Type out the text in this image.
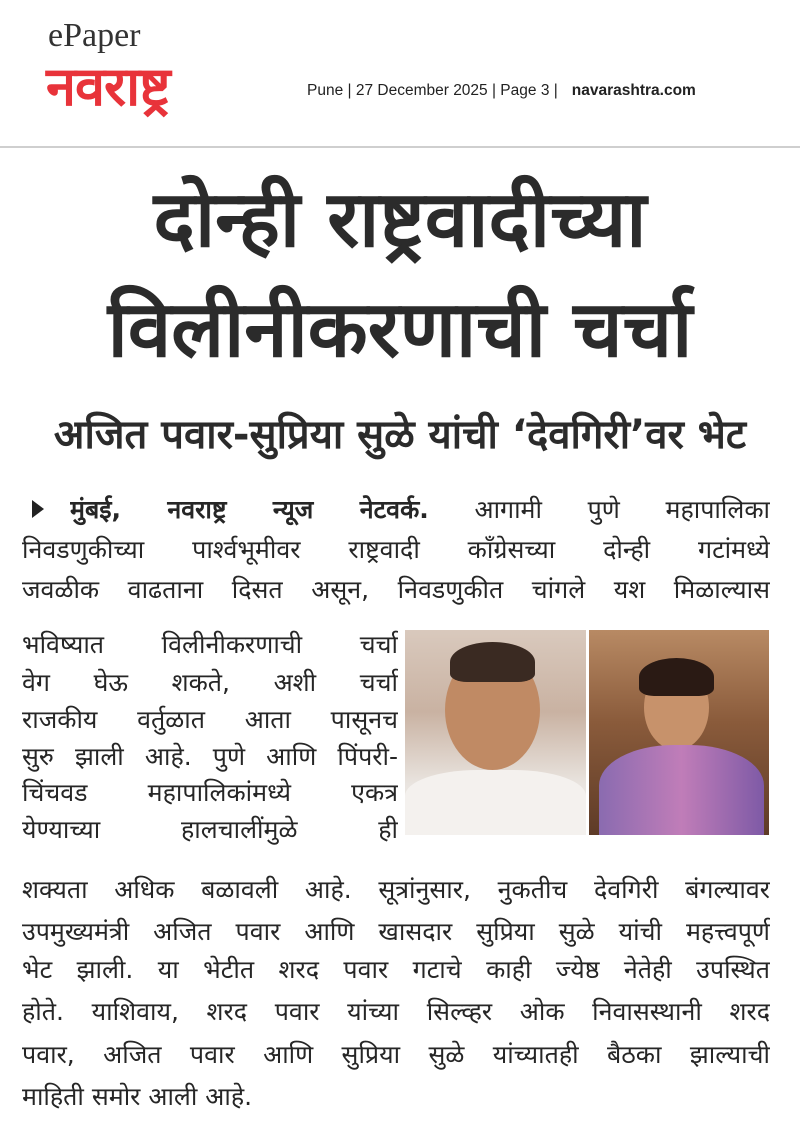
ePaper
नवराष्ट्र	Pune | 27 December 2025 | Page 3 | navarashtra.com
दोन्ही राष्ट्रवादीच्या
विलीनीकरणाची चर्चा
अजित पवार-सुप्रिया सुळे यांची ‘देवगिरी’वर भेट
मुंबई, नवराष्ट्र न्यूज नेटवर्क. आगामी पुणे महापालिका
निवडणुकीच्या पार्श्वभूमीवर राष्ट्रवादी काँग्रेसच्या दोन्ही गटांमध्ये
जवळीक वाढताना दिसत असून, निवडणुकीत चांगले यश मिळाल्यास
भविष्यात विलीनीकरणाची चर्चा
वेग घेऊ शकते, अशी चर्चा
राजकीय वर्तुळात आता पासूनच
सुरु झाली आहे. पुणे आणि पिंपरी-
चिंचवड महापालिकांमध्ये एकत्र
येण्याच्या हालचालींमुळे ही
शक्यता अधिक बळावली आहे. सूत्रांनुसार, नुकतीच देवगिरी बंगल्यावर
उपमुख्यमंत्री अजित पवार आणि खासदार सुप्रिया सुळे यांची महत्त्वपूर्ण
भेट झाली. या भेटीत शरद पवार गटाचे काही ज्येष्ठ नेतेही उपस्थित
होते. याशिवाय, शरद पवार यांच्या सिल्व्हर ओक निवासस्थानी शरद
पवार, अजित पवार आणि सुप्रिया सुळे यांच्यातही बैठका झाल्याची
माहिती समोर आली आहे.
